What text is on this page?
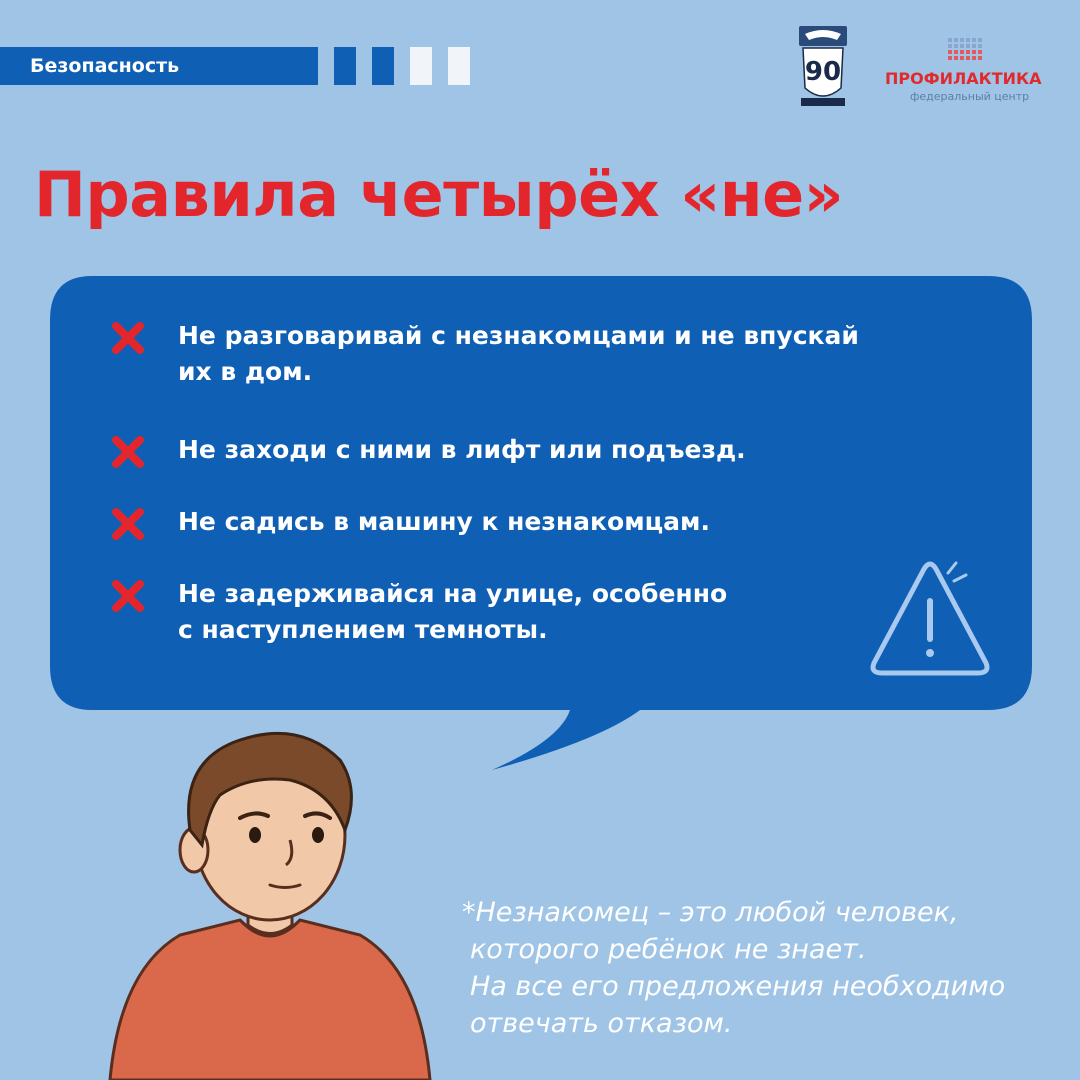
Безопасность	90	ПРОФИЛАКТИКА
федеральный центр
Правила четырёх «не»
Не разговаривай с незнакомцами и не впускай
их в дом.
Не заходи с ними в лифт или подъезд.
Не садись в машину к незнакомцам.
Не задерживайся на улице, особенно
с наступлением темноты.

*Незнакомец – это любой человек,
которого ребёнок не знает.
На все его предложения необходимо
отвечать отказом.
